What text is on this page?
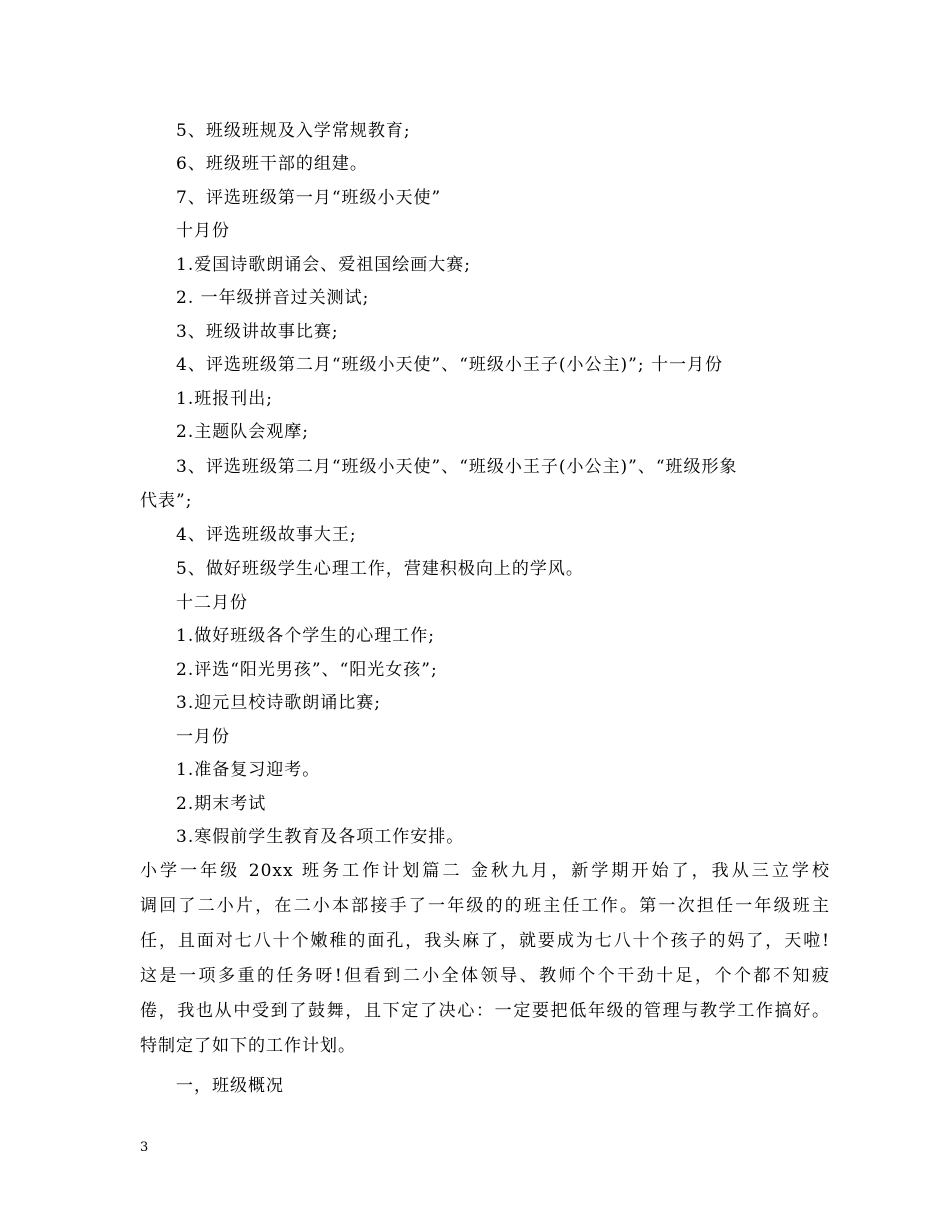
5、班级班规及入学常规教育;
6、班级班干部的组建。
7、评选班级第一月“班级小天使”
十月份
1.爱国诗歌朗诵会、爱祖国绘画大赛;
2. 一年级拼音过关测试;
3、班级讲故事比赛;
4、评选班级第二月“班级小天使”、“班级小王子(小公主)”; 十一月份
1.班报刊出;
2.主题队会观摩;
3、评选班级第二月“班级小天使”、“班级小王子(小公主)”、“班级形象
代表”;
4、评选班级故事大王;
5、做好班级学生心理工作，营建积极向上的学风。
十二月份
1.做好班级各个学生的心理工作;
2.评选“阳光男孩”、“阳光女孩”;
3.迎元旦校诗歌朗诵比赛;
一月份
1.准备复习迎考。
2.期末考试
3.寒假前学生教育及各项工作安排。
小学一年级 20xx 班务工作计划篇二 金秋九月，新学期开始了，我从三立学校
调回了二小片，在二小本部接手了一年级的的班主任工作。第一次担任一年级班主
任，且面对七八十个嫩稚的面孔，我头麻了，就要成为七八十个孩子的妈了，天啦!
这是一项多重的任务呀!但看到二小全体领导、教师个个干劲十足，个个都不知疲
倦，我也从中受到了鼓舞，且下定了决心：一定要把低年级的管理与教学工作搞好。
特制定了如下的工作计划。
一，班级概况
3
